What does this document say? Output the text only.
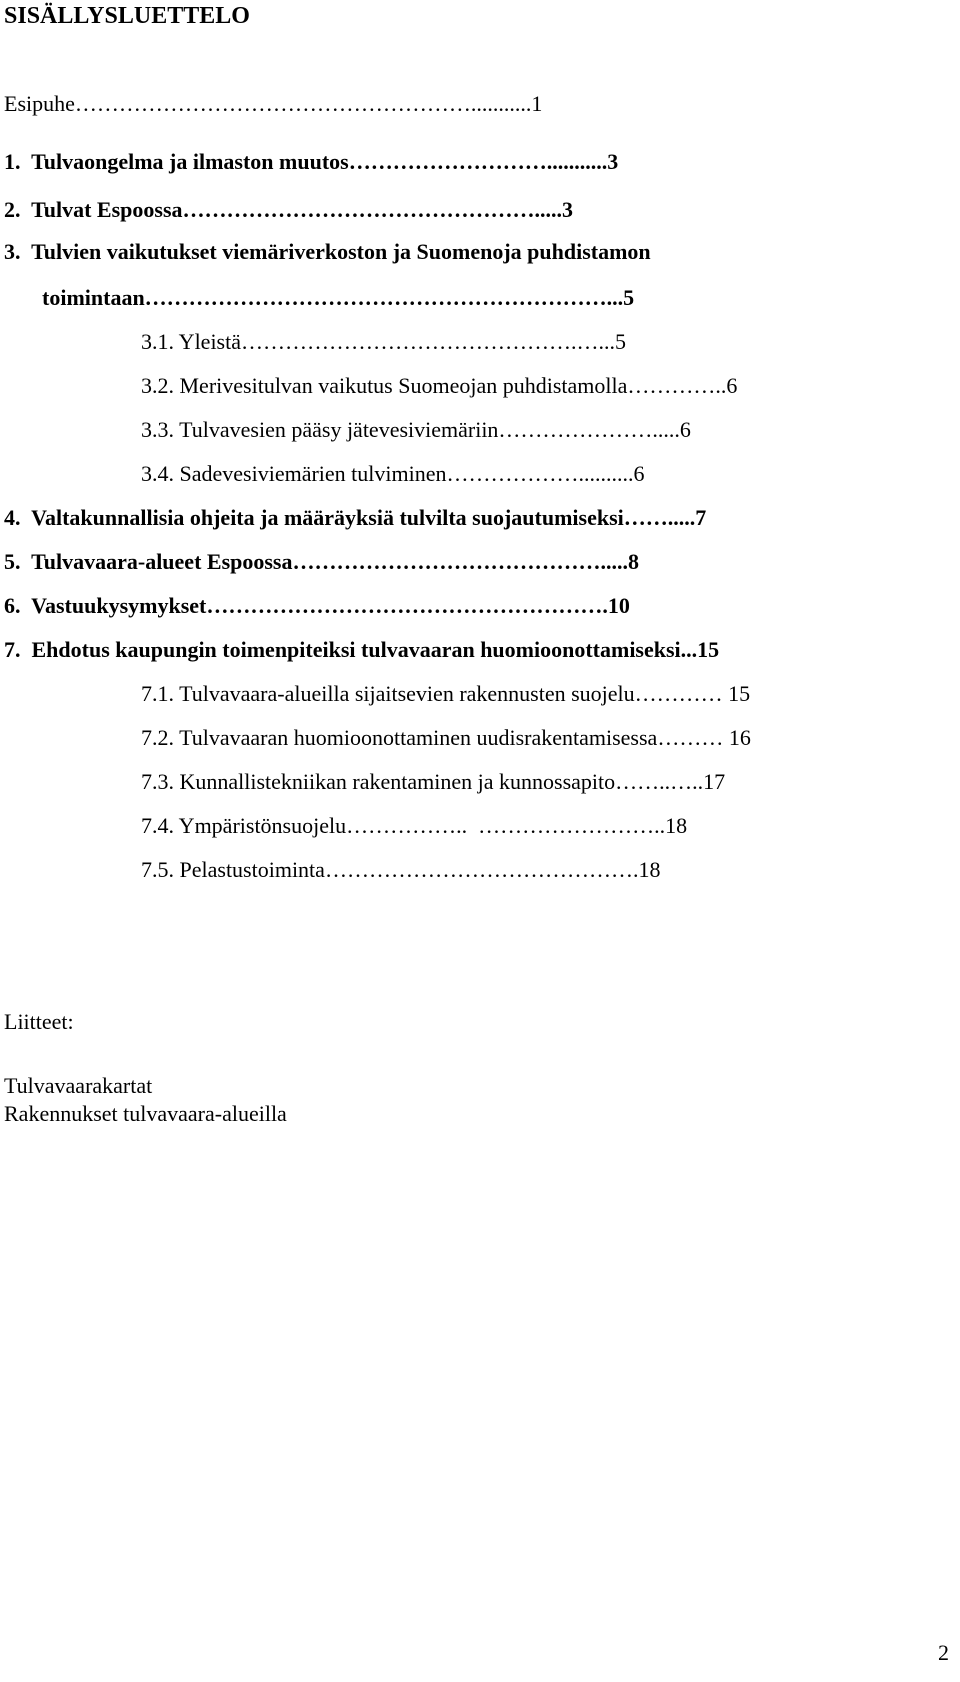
SISÄLLYSLUETTELO
Esipuhe………………………………………………...........1
1.  Tulvaongelma ja ilmaston muutos………………………...........3
2.  Tulvat Espoossa………………………………………….....3
3.  Tulvien vaikutukset viemäriverkoston ja Suomenoja puhdistamon
toimintaan………………………………………………………...5
3.1. Yleistä……………………………………….…...5
3.2. Merivesitulvan vaikutus Suomeojan puhdistamolla…………..6
3.3. Tulvavesien pääsy jätevesiviemäriin………………….....6
3.4. Sadevesiviemärien tulviminen………………..........6
4.  Valtakunnallisia ohjeita ja määräyksiä tulvilta suojautumiseksi…….....7
5.  Tulvavaara-alueet Espoossa…………………………………….....8
6.  Vastuukysymykset……………………………………………….10
7.  Ehdotus kaupungin toimenpiteiksi tulvavaaran huomioonottamiseksi...15
7.1. Tulvavaara-alueilla sijaitsevien rakennusten suojelu………… 15
7.2. Tulvavaaran huomioonottaminen uudisrakentamisessa……… 16
7.3. Kunnallistekniikan rakentaminen ja kunnossapito……..…..17
7.4. Ympäristönsuojelu……………..  ……………………..18
7.5. Pelastustoiminta…………………………………….18
Liitteet:
Tulvavaarakartat
Rakennukset tulvavaara-alueilla
2
